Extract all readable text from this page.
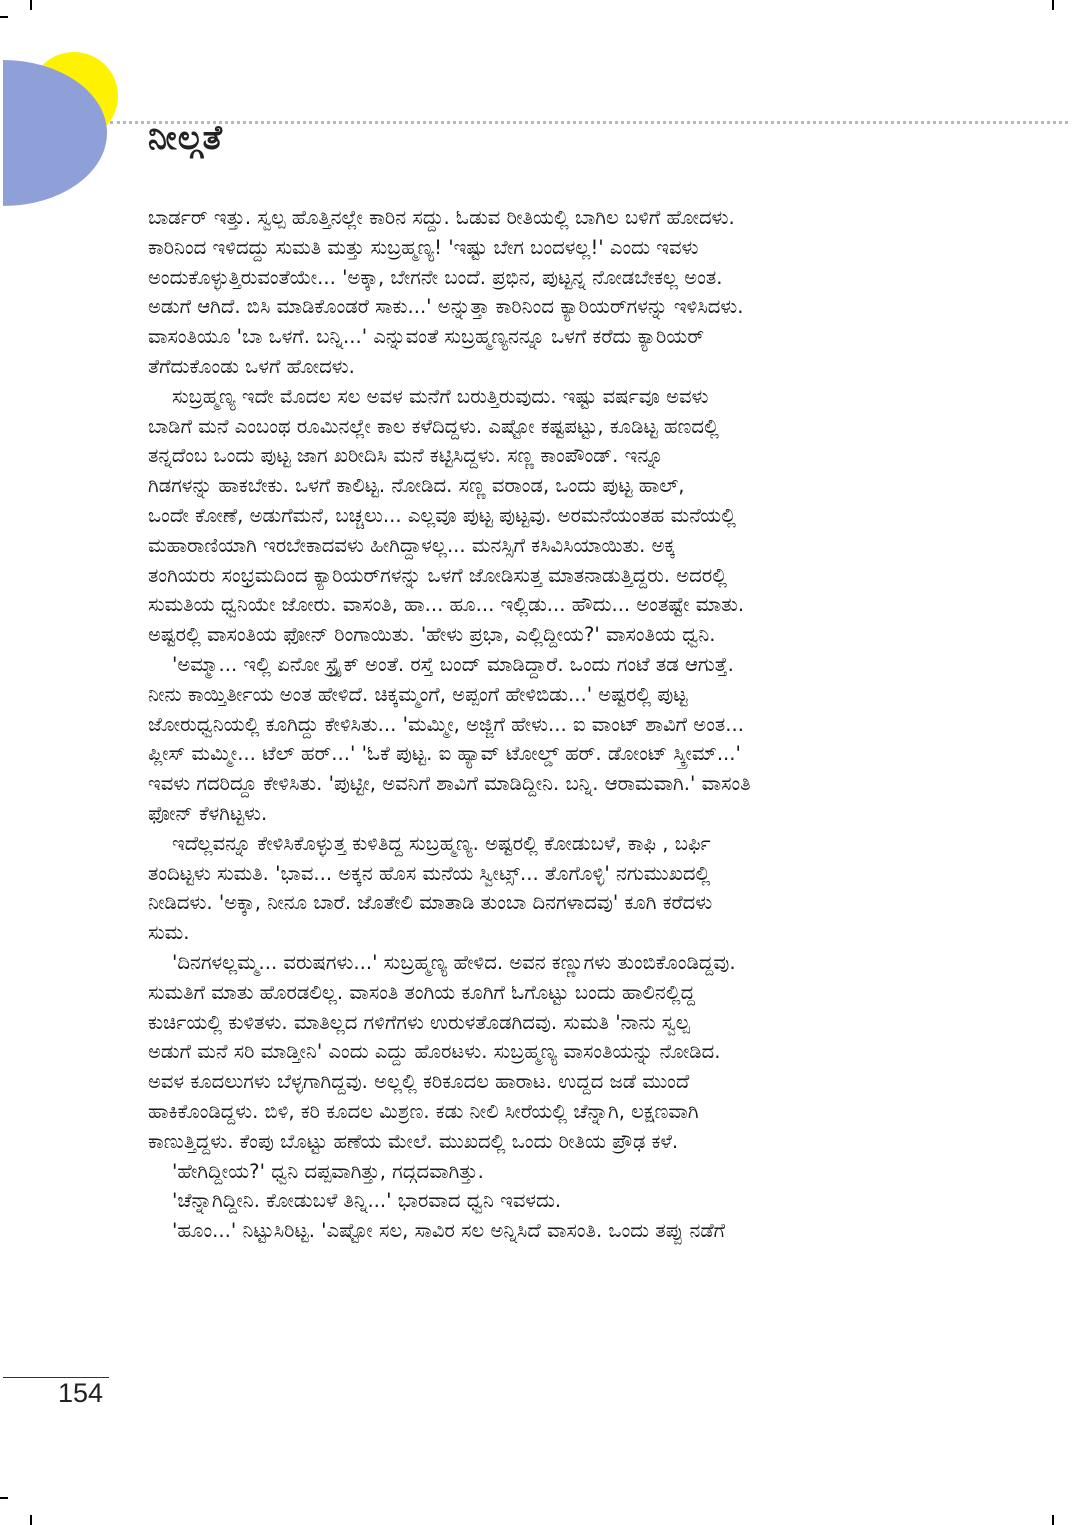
ನೀಲ್ಗತೆ
ಬಾರ್ಡರ್ ಇತ್ತು. ಸ್ವಲ್ಪ ಹೊತ್ತಿನಲ್ಲೇ ಕಾರಿನ ಸದ್ದು. ಓಡುವ ರೀತಿಯಲ್ಲಿ ಬಾಗಿಲ ಬಳಿಗೆ ಹೋದಳು.
ಕಾರಿನಿಂದ ಇಳಿದದ್ದು ಸುಮತಿ ಮತ್ತು ಸುಬ್ರಹ್ಮಣ್ಯ! 'ಇಷ್ಟು ಬೇಗ ಬಂದಳಲ್ಲ!' ಎಂದು ಇವಳು
ಅಂದುಕೊಳ್ಳುತ್ತಿರುವಂತೆಯೇ... 'ಅಕ್ಕಾ, ಬೇಗನೇ ಬಂದೆ. ಪ್ರಭಿನ, ಪುಟ್ಟನ್ನ ನೋಡಬೇಕಲ್ಲ ಅಂತ.
ಅಡುಗೆ ಆಗಿದೆ. ಬಿಸಿ ಮಾಡಿಕೊಂಡರೆ ಸಾಕು...' ಅನ್ನುತ್ತಾ ಕಾರಿನಿಂದ ಕ್ಯಾರಿಯರ್‌ಗಳನ್ನು ಇಳಿಸಿದಳು.
ವಾಸಂತಿಯೂ 'ಬಾ ಒಳಗೆ. ಬನ್ನಿ...' ಎನ್ನುವಂತೆ ಸುಬ್ರಹ್ಮಣ್ಯನನ್ನೂ ಒಳಗೆ ಕರೆದು ಕ್ಯಾರಿಯರ್
ತೆಗೆದುಕೊಂಡು ಒಳಗೆ ಹೋದಳು.
ಸುಬ್ರಹ್ಮಣ್ಯ ಇದೇ ಮೊದಲ ಸಲ ಅವಳ ಮನೆಗೆ ಬರುತ್ತಿರುವುದು. ಇಷ್ಟು ವರ್ಷವೂ ಅವಳು
ಬಾಡಿಗೆ ಮನೆ ಎಂಬಂಥ ರೂಮಿನಲ್ಲೇ ಕಾಲ ಕಳೆದಿದ್ದಳು. ಎಷ್ಟೋ ಕಷ್ಟಪಟ್ಟು, ಕೂಡಿಟ್ಟ ಹಣದಲ್ಲಿ
ತನ್ನದೆಂಬ ಒಂದು ಪುಟ್ಟ ಜಾಗ ಖರೀದಿಸಿ ಮನೆ ಕಟ್ಟಿಸಿದ್ದಳು. ಸಣ್ಣ ಕಾಂಪೌಂಡ್. ಇನ್ನೂ
ಗಿಡಗಳನ್ನು ಹಾಕಬೇಕು. ಒಳಗೆ ಕಾಲಿಟ್ಟ. ನೋಡಿದ. ಸಣ್ಣ ವರಾಂಡ, ಒಂದು ಪುಟ್ಟ ಹಾಲ್,
ಒಂದೇ ಕೋಣೆ, ಅಡುಗೆಮನೆ, ಬಚ್ಚಲು... ಎಲ್ಲವೂ ಪುಟ್ಟ ಪುಟ್ಟವು. ಅರಮನೆಯಂತಹ ಮನೆಯಲ್ಲಿ
ಮಹಾರಾಣಿಯಾಗಿ ಇರಬೇಕಾದವಳು ಹೀಗಿದ್ದಾಳಲ್ಲ... ಮನಸ್ಸಿಗೆ ಕಸಿವಿಸಿಯಾಯಿತು. ಅಕ್ಕ
ತಂಗಿಯರು ಸಂಭ್ರಮದಿಂದ ಕ್ಯಾರಿಯರ್‌ಗಳನ್ನು ಒಳಗೆ ಜೋಡಿಸುತ್ತ ಮಾತನಾಡುತ್ತಿದ್ದರು. ಅದರಲ್ಲಿ
ಸುಮತಿಯ ಧ್ವನಿಯೇ ಜೋರು. ವಾಸಂತಿ, ಹಾ... ಹೂ... ಇಲ್ಲಿಡು... ಹೌದು... ಅಂತಷ್ಟೇ ಮಾತು.
ಅಷ್ಟರಲ್ಲಿ ವಾಸಂತಿಯ ಫೋನ್ ರಿಂಗಾಯಿತು. 'ಹೇಳು ಪ್ರಭಾ, ಎಲ್ಲಿದ್ದೀಯ?' ವಾಸಂತಿಯ ಧ್ವನಿ.
'ಅಮ್ಮಾ... ಇಲ್ಲಿ ಏನೋ ಸ್ಟ್ರೈಕ್ ಅಂತೆ. ರಸ್ತೆ ಬಂದ್ ಮಾಡಿದ್ದಾರೆ. ಒಂದು ಗಂಟೆ ತಡ ಆಗುತ್ತೆ.
ನೀನು ಕಾಯ್ತಿರ್ತೀಯ ಅಂತ ಹೇಳಿದೆ. ಚಿಕ್ಕಮ್ಮಂಗೆ, ಅಪ್ಪಂಗೆ ಹೇಳಿಬಿಡು...' ಅಷ್ಟರಲ್ಲಿ ಪುಟ್ಟ
ಜೋರುಧ್ವನಿಯಲ್ಲಿ ಕೂಗಿದ್ದು ಕೇಳಿಸಿತು... 'ಮಮ್ಮೀ, ಅಜ್ಜಿಗೆ ಹೇಳು... ಐ ವಾಂಟ್ ಶಾವಿಗೆ ಅಂತ...
ಪ್ಲೀಸ್ ಮಮ್ಮೀ... ಟೆಲ್ ಹರ್...' 'ಓಕೆ ಪುಟ್ಟ. ಐ ಹ್ಯಾವ್ ಟೋಲ್ಡ್ ಹರ್. ಡೋಂಟ್ ಸ್ಕ್ರೀಮ್...'
ಇವಳು ಗದರಿದ್ದೂ ಕೇಳಿಸಿತು. 'ಪುಟ್ಟೀ, ಅವನಿಗೆ ಶಾವಿಗೆ ಮಾಡಿದ್ದೀನಿ. ಬನ್ನಿ. ಆರಾಮವಾಗಿ.' ವಾಸಂತಿ
ಫೋನ್ ಕೆಳಗಿಟ್ಟಳು.
ಇದೆಲ್ಲವನ್ನೂ ಕೇಳಿಸಿಕೊಳ್ಳುತ್ತ ಕುಳಿತಿದ್ದ ಸುಬ್ರಹ್ಮಣ್ಯ. ಅಷ್ಟರಲ್ಲಿ ಕೋಡುಬಳೆ, ಕಾಫಿ , ಬರ್ಫಿ
ತಂದಿಟ್ಟಳು ಸುಮತಿ. 'ಭಾವ... ಅಕ್ಕನ ಹೊಸ ಮನೆಯ ಸ್ವೀಟ್ಸ್... ತೊಗೊಳ್ಳಿ' ನಗುಮುಖದಲ್ಲಿ
ನೀಡಿದಳು. 'ಅಕ್ಕಾ, ನೀನೂ ಬಾರೆ. ಜೊತೇಲಿ ಮಾತಾಡಿ ತುಂಬಾ ದಿನಗಳಾದವು' ಕೂಗಿ ಕರೆದಳು
ಸುಮ.
'ದಿನಗಳಲ್ಲಮ್ಮ... ವರುಷಗಳು...' ಸುಬ್ರಹ್ಮಣ್ಯ ಹೇಳಿದ. ಅವನ ಕಣ್ಣುಗಳು ತುಂಬಿಕೊಂಡಿದ್ದವು.
ಸುಮತಿಗೆ ಮಾತು ಹೊರಡಲಿಲ್ಲ. ವಾಸಂತಿ ತಂಗಿಯ ಕೂಗಿಗೆ ಓಗೊಟ್ಟು ಬಂದು ಹಾಲಿನಲ್ಲಿದ್ದ
ಕುರ್ಚಿಯಲ್ಲಿ ಕುಳಿತಳು. ಮಾತಿಲ್ಲದ ಗಳಿಗೆಗಳು ಉರುಳತೊಡಗಿದವು. ಸುಮತಿ 'ನಾನು ಸ್ವಲ್ಪ
ಅಡುಗೆ ಮನೆ ಸರಿ ಮಾಡ್ತೀನಿ' ಎಂದು ಎದ್ದು ಹೊರಟಳು. ಸುಬ್ರಹ್ಮಣ್ಯ ವಾಸಂತಿಯನ್ನು ನೋಡಿದ.
ಅವಳ ಕೂದಲುಗಳು ಬೆಳ್ಳಗಾಗಿದ್ದವು. ಅಲ್ಲಲ್ಲಿ ಕರಿಕೂದಲ ಹಾರಾಟ. ಉದ್ದದ ಜಡೆ ಮುಂದೆ
ಹಾಕಿಕೊಂಡಿದ್ದಳು. ಬಿಳಿ, ಕರಿ ಕೂದಲ ಮಿಶ್ರಣ. ಕಡು ನೀಲಿ ಸೀರೆಯಲ್ಲಿ ಚೆನ್ನಾಗಿ, ಲಕ್ಷಣವಾಗಿ
ಕಾಣುತ್ತಿದ್ದಳು. ಕೆಂಪು ಬೊಟ್ಟು ಹಣೆಯ ಮೇಲೆ. ಮುಖದಲ್ಲಿ ಒಂದು ರೀತಿಯ ಪ್ರೌಢ ಕಳೆ.
'ಹೇಗಿದ್ದೀಯ?' ಧ್ವನಿ ದಪ್ಪವಾಗಿತ್ತು, ಗದ್ಗದವಾಗಿತ್ತು.
'ಚೆನ್ನಾಗಿದ್ದೀನಿ. ಕೋಡುಬಳೆ ತಿನ್ನಿ...' ಭಾರವಾದ ಧ್ವನಿ ಇವಳದು.
'ಹೂಂ...' ನಿಟ್ಟುಸಿರಿಟ್ಟ. 'ಎಷ್ಟೋ ಸಲ, ಸಾವಿರ ಸಲ ಅನ್ನಿಸಿದೆ ವಾಸಂತಿ. ಒಂದು ತಪ್ಪು ನಡೆಗೆ
154
